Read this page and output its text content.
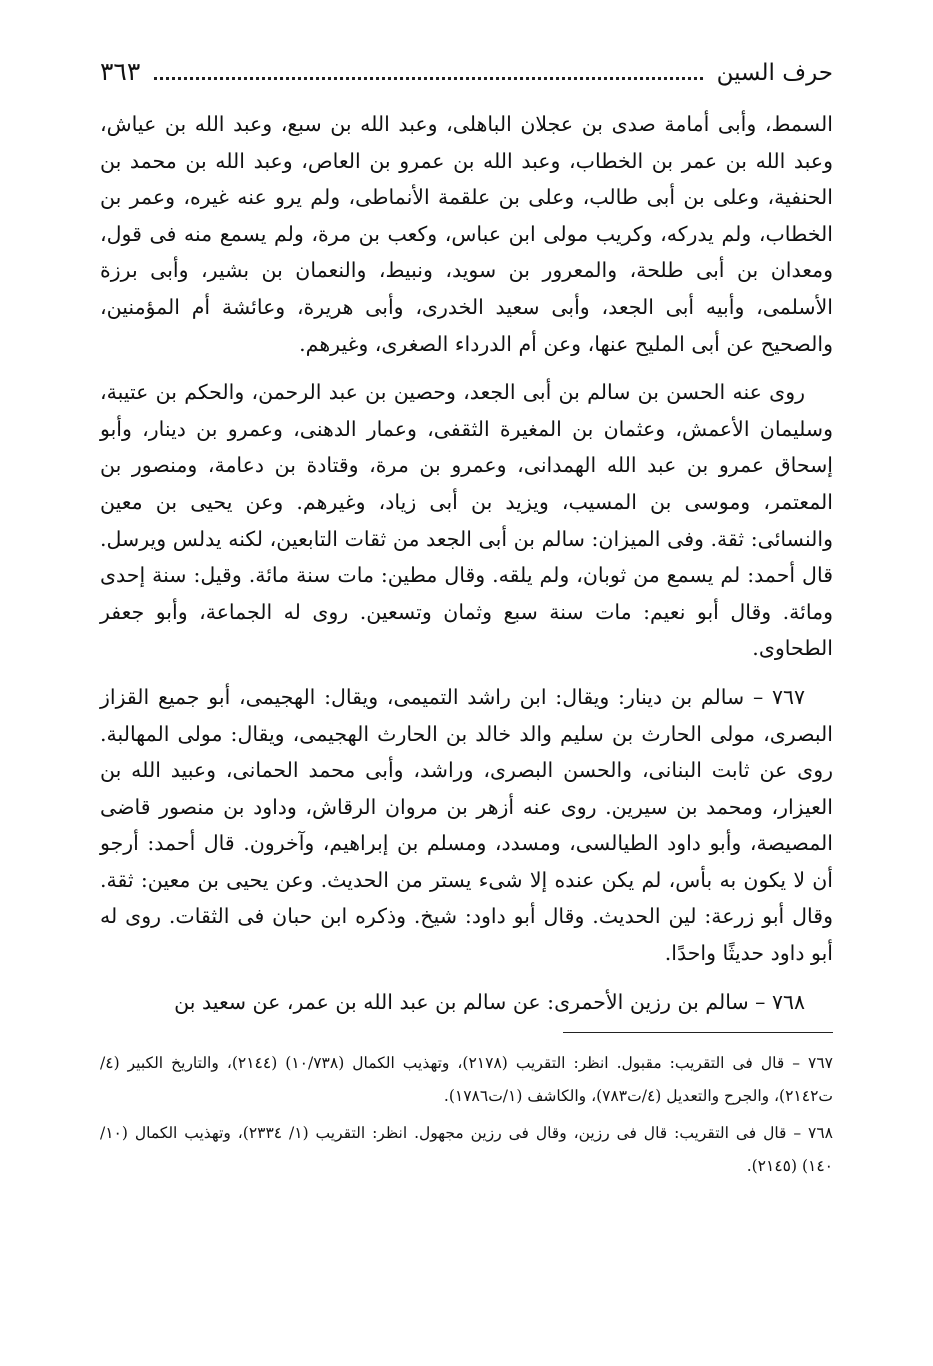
حرف السين
٣٦٣

السمط، وأبى أمامة صدى بن عجلان الباهلى، وعبد الله بن سبع، وعبد الله بن عياش، وعبد الله بن عمر بن الخطاب، وعبد الله بن عمرو بن العاص، وعبد الله بن محمد بن الحنفية، وعلى بن أبى طالب، وعلى بن علقمة الأنماطى، ولم يرو عنه غيره، وعمر بن الخطاب، ولم يدركه، وكريب مولى ابن عباس، وكعب بن مرة، ولم يسمع منه فى قول، ومعدان بن أبى طلحة، والمعرور بن سويد، ونبيط، والنعمان بن بشير، وأبى برزة الأسلمى، وأبيه أبى الجعد، وأبى سعيد الخدرى، وأبى هريرة، وعائشة أم المؤمنين، والصحيح عن أبى المليح عنها، وعن أم الدرداء الصغرى، وغيرهم.

روى عنه الحسن بن سالم بن أبى الجعد، وحصين بن عبد الرحمن، والحكم بن عتيبة، وسليمان الأعمش، وعثمان بن المغيرة الثقفى، وعمار الدهنى، وعمرو بن دينار، وأبو إسحاق عمرو بن عبد الله الهمدانى، وعمرو بن مرة، وقتادة بن دعامة، ومنصور بن المعتمر، وموسى بن المسيب، ويزيد بن أبى زياد، وغيرهم. وعن يحيى بن معين والنسائى: ثقة. وفى الميزان: سالم بن أبى الجعد من ثقات التابعين، لكنه يدلس ويرسل. قال أحمد: لم يسمع من ثوبان، ولم يلقه. وقال مطين: مات سنة مائة. وقيل: سنة إحدى ومائة. وقال أبو نعيم: مات سنة سبع وثمان وتسعين. روى له الجماعة، وأبو جعفر الطحاوى.

٧٦٧ – سالم بن دينار: ويقال: ابن راشد التميمى، ويقال: الهجيمى، أبو جميع القزاز البصرى، مولى الحارث بن سليم والد خالد بن الحارث الهجيمى، ويقال: مولى المهالبة. روى عن ثابت البنانى، والحسن البصرى، وراشد، وأبى محمد الحمانى، وعبيد الله بن العيزار، ومحمد بن سيرين. روى عنه أزهر بن مروان الرقاش، وداود بن منصور قاضى المصيصة، وأبو داود الطيالسى، ومسدد، ومسلم بن إبراهيم، وآخرون. قال أحمد: أرجو أن لا يكون به بأس، لم يكن عنده إلا شىء يستر من الحديث. وعن يحيى بن معين: ثقة. وقال أبو زرعة: لين الحديث. وقال أبو داود: شيخ. وذكره ابن حبان فى الثقات. روى له أبو داود حديثًا واحدًا.

٧٦٨ – سالم بن رزين الأحمرى: عن سالم بن عبد الله بن عمر، عن سعيد بن

٧٦٧ – قال فى التقريب: مقبول. انظر: التقريب (٢١٧٨)، وتهذيب الكمال (١٠/٧٣٨) (٢١٤٤)، والتاريخ الكبير (٤/ت٢١٤٢)، والجرح والتعديل (٤/ت٧٨٣)، والكاشف (١/ت١٧٨٦).

٧٦٨ – قال فى التقريب: قال فى رزين، وقال فى رزين مجهول. انظر: التقريب (١/ ٢٣٣٤)، وتهذيب الكمال (١٠/ ١٤٠) (٢١٤٥).
